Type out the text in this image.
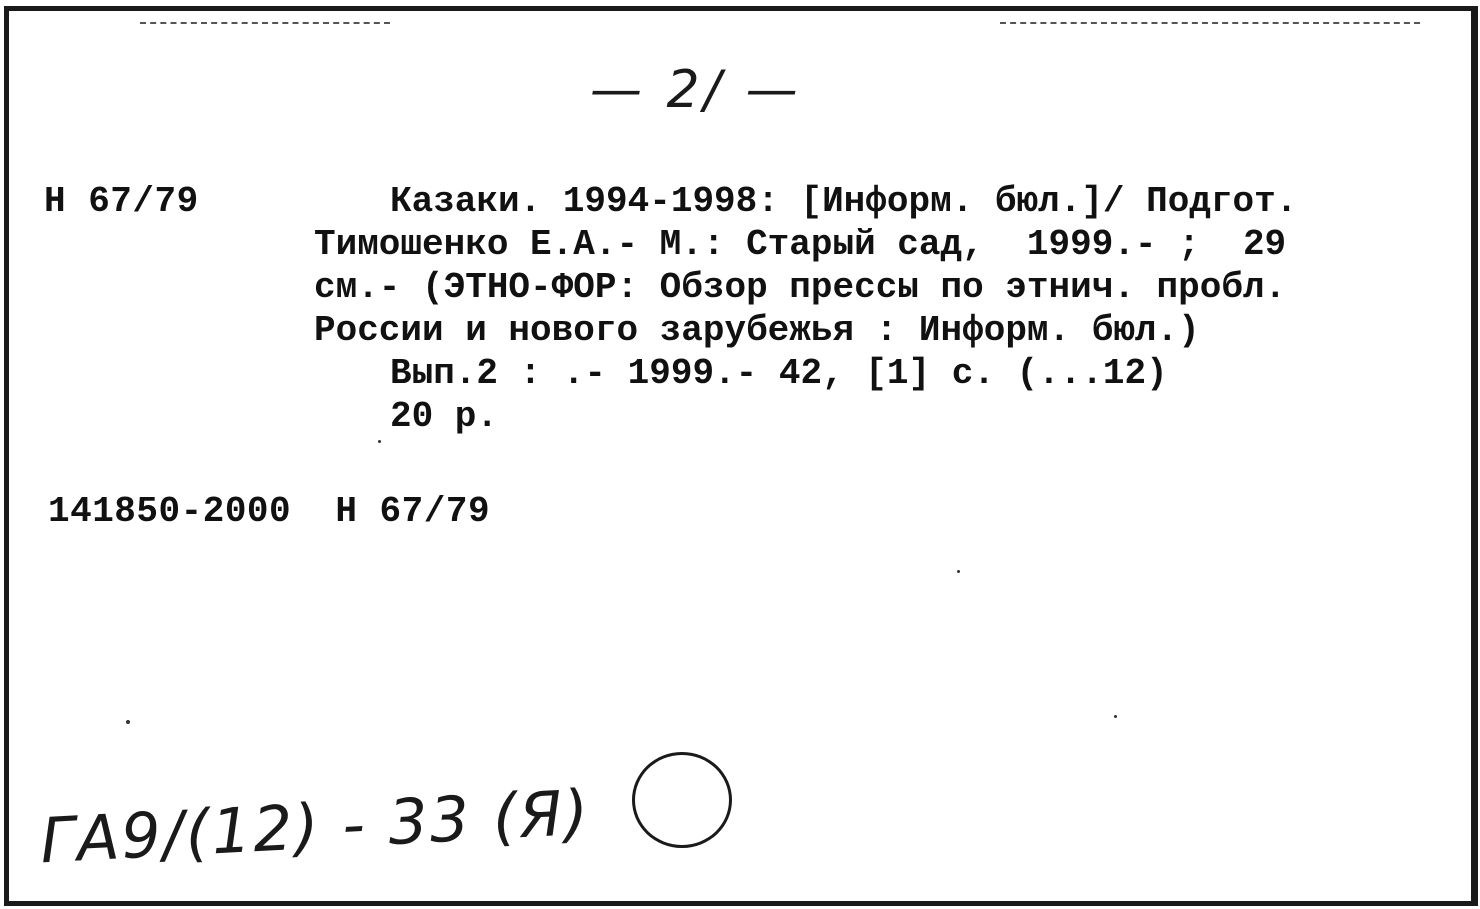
— 2/ —
Н 67/79	Казаки. 1994-1998: [Информ. бюл.]/ Подгот.
Тимошенко Е.А.- М.: Старый сад,  1999.- ;  29
см.- (ЭТНО-ФОР: Обзор прессы по этнич. пробл.
России и нового зарубежья : Информ. бюл.)
Вып.2 : .- 1999.- 42, [1] с. (...12)
20 р.
141850-2000  Н 67/79
ГА9/(12) - 33 (Я)
